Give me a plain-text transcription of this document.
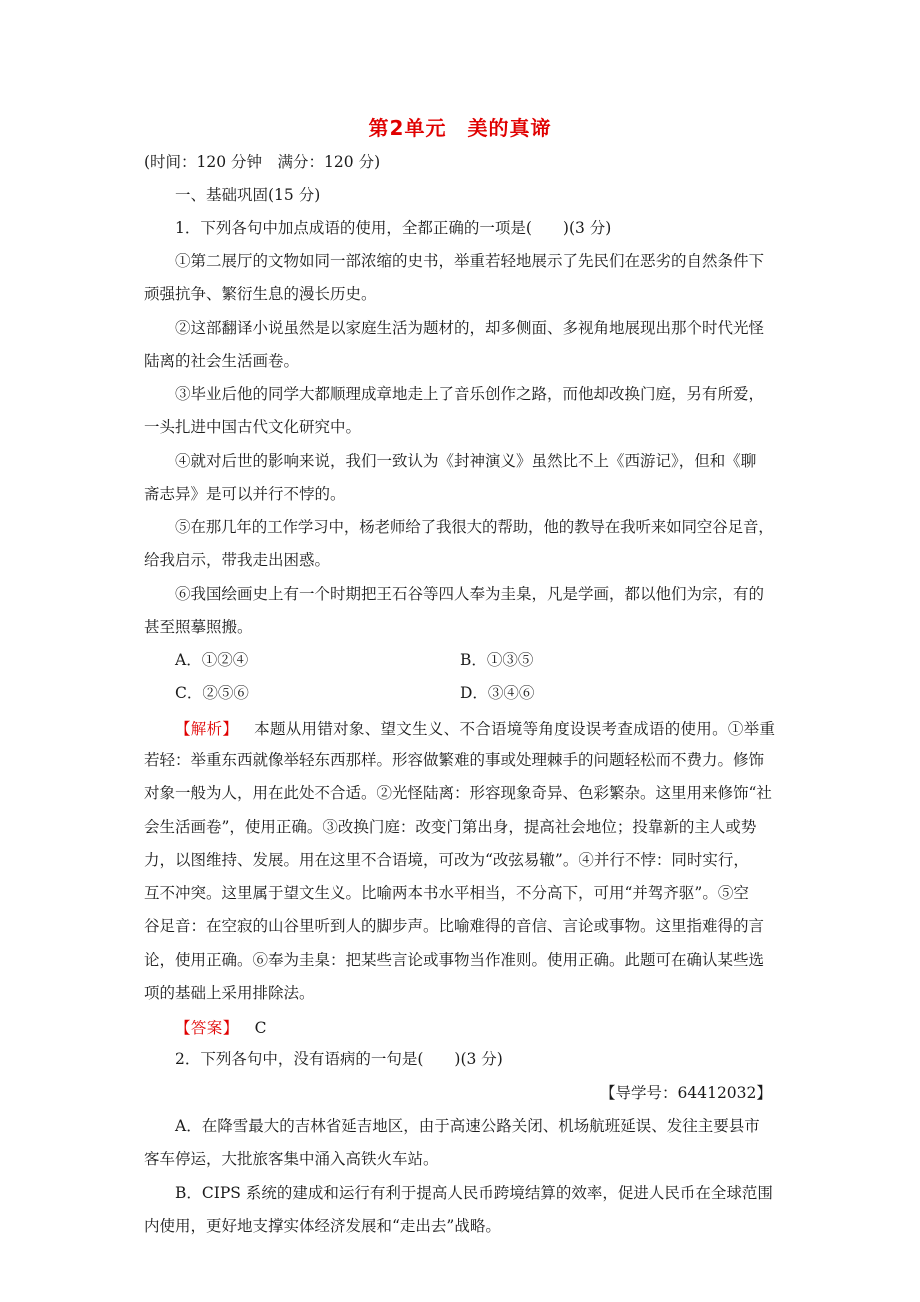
第2单元　美的真谛
(时间：120 分钟　满分：120 分)
一、基础巩固(15 分)
1．下列各句中加点成语的使用，全都正确的一项是(　　)(3 分)
①第二展厅的文物如同一部浓缩的史书，举重若轻地展示了先民们在恶劣的自然条件下
顽强抗争、繁衍生息的漫长历史。
②这部翻译小说虽然是以家庭生活为题材的，却多侧面、多视角地展现出那个时代光怪
陆离的社会生活画卷。
③毕业后他的同学大都顺理成章地走上了音乐创作之路，而他却改换门庭，另有所爱，
一头扎进中国古代文化研究中。
④就对后世的影响来说，我们一致认为《封神演义》虽然比不上《西游记》，但和《聊
斋志异》是可以并行不悖的。
⑤在那几年的工作学习中，杨老师给了我很大的帮助，他的教导在我听来如同空谷足音，
给我启示，带我走出困惑。
⑥我国绘画史上有一个时期把王石谷等四人奉为圭臬，凡是学画，都以他们为宗，有的
甚至照摹照搬。
A．①②④	B．①③⑤
C．②⑤⑥	D．③④⑥
【解析】 本题从用错对象、望文生义、不合语境等角度设误考查成语的使用。①举重
若轻：举重东西就像举轻东西那样。形容做繁难的事或处理棘手的问题轻松而不费力。修饰
对象一般为人，用在此处不合适。②光怪陆离：形容现象奇异、色彩繁杂。这里用来修饰“社
会生活画卷”，使用正确。③改换门庭：改变门第出身，提高社会地位；投靠新的主人或势
力，以图维持、发展。用在这里不合语境，可改为“改弦易辙”。④并行不悖：同时实行，
互不冲突。这里属于望文生义。比喻两本书水平相当，不分高下，可用“并驾齐驱”。⑤空
谷足音：在空寂的山谷里听到人的脚步声。比喻难得的音信、言论或事物。这里指难得的言
论，使用正确。⑥奉为圭臬：把某些言论或事物当作准则。使用正确。此题可在确认某些选
项的基础上采用排除法。
【答案】 C
2．下列各句中，没有语病的一句是(　　)(3 分)
【导学号：64412032】
A．在降雪最大的吉林省延吉地区，由于高速公路关闭、机场航班延误、发往主要县市
客车停运，大批旅客集中涌入高铁火车站。
B．CIPS 系统的建成和运行有利于提高人民币跨境结算的效率，促进人民币在全球范围
内使用，更好地支撑实体经济发展和“走出去”战略。
